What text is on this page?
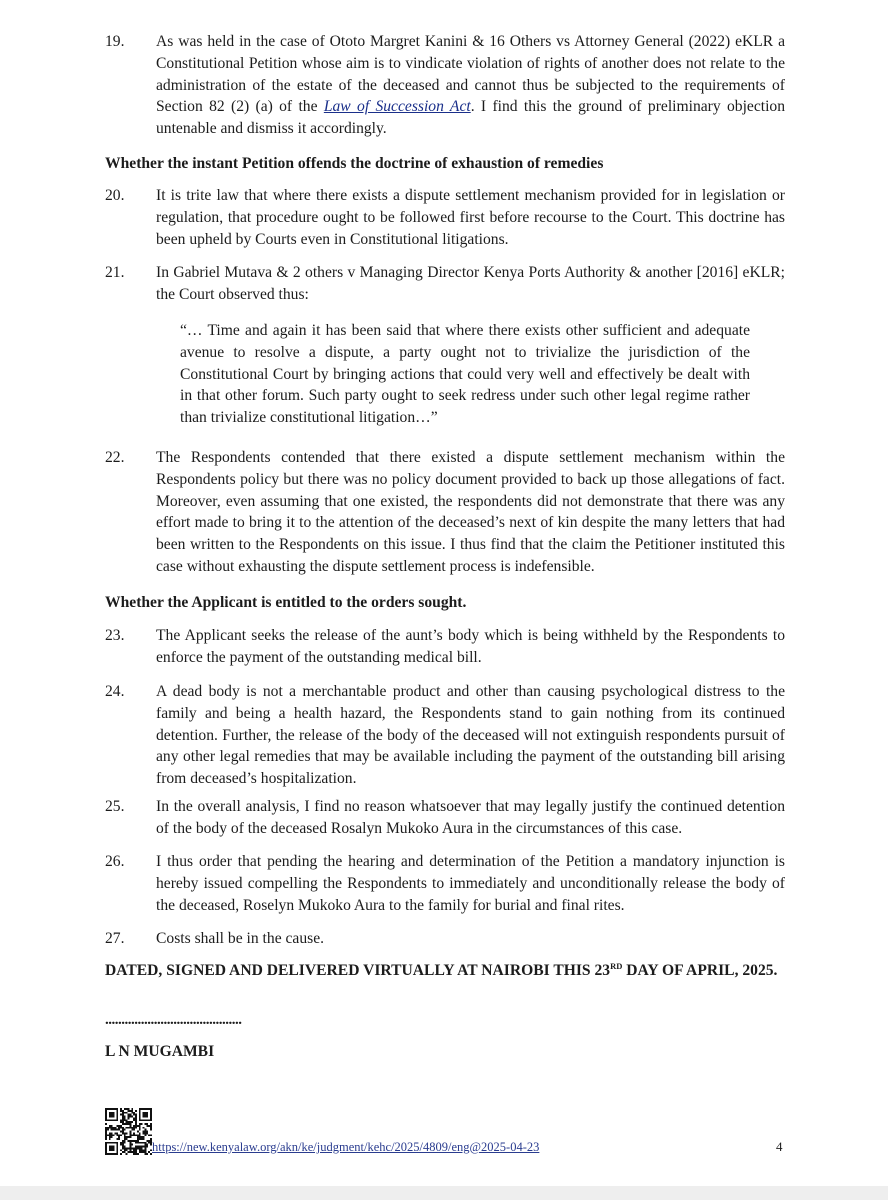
19.	As was held in the case of Ototo Margret Kanini & 16 Others vs Attorney General (2022) eKLR a Constitutional Petition whose aim is to vindicate violation of rights of another does not relate to the administration of the estate of the deceased and cannot thus be subjected to the requirements of Section 82 (2) (a) of the Law of Succession Act. I find this the ground of preliminary objection untenable and dismiss it accordingly.
Whether the instant Petition offends the doctrine of exhaustion of remedies
20.	It is trite law that where there exists a dispute settlement mechanism provided for in legislation or regulation, that procedure ought to be followed first before recourse to the Court. This doctrine has been upheld by Courts even in Constitutional litigations.
21.	In Gabriel Mutava & 2 others v Managing Director Kenya Ports Authority & another [2016] eKLR; the Court observed thus:
“… Time and again it has been said that where there exists other sufficient and adequate avenue to resolve a dispute, a party ought not to trivialize the jurisdiction of the Constitutional Court by bringing actions that could very well and effectively be dealt with in that other forum. Such party ought to seek redress under such other legal regime rather than trivialize constitutional litigation…”
22.	The Respondents contended that there existed a dispute settlement mechanism within the Respondents policy but there was no policy document provided to back up those allegations of fact. Moreover, even assuming that one existed, the respondents did not demonstrate that there was any effort made to bring it to the attention of the deceased’s next of kin despite the many letters that had been written to the Respondents on this issue. I thus find that the claim the Petitioner instituted this case without exhausting the dispute settlement process is indefensible.
Whether the Applicant is entitled to the orders sought.
23.	The Applicant seeks the release of the aunt’s body which is being withheld by the Respondents to enforce the payment of the outstanding medical bill.
24.	A dead body is not a merchantable product and other than causing psychological distress to the family and being a health hazard, the Respondents stand to gain nothing from its continued detention. Further, the release of the body of the deceased will not extinguish respondents pursuit of any other legal remedies that may be available including the payment of the outstanding bill arising from deceased’s hospitalization.
25.	In the overall analysis, I find no reason whatsoever that may legally justify the continued detention of the body of the deceased Rosalyn Mukoko Aura in the circumstances of this case.
26.	I thus order that pending the hearing and determination of the Petition a mandatory injunction is hereby issued compelling the Respondents to immediately and unconditionally release the body of the deceased, Roselyn Mukoko Aura to the family for burial and final rites.
27.	Costs shall be in the cause.
DATED, SIGNED AND DELIVERED VIRTUALLY AT NAIROBI THIS 23RD DAY OF APRIL, 2025.
..........................................
L N MUGAMBI
https://new.kenyalaw.org/akn/ke/judgment/kehc/2025/4809/eng@2025-04-23	4
